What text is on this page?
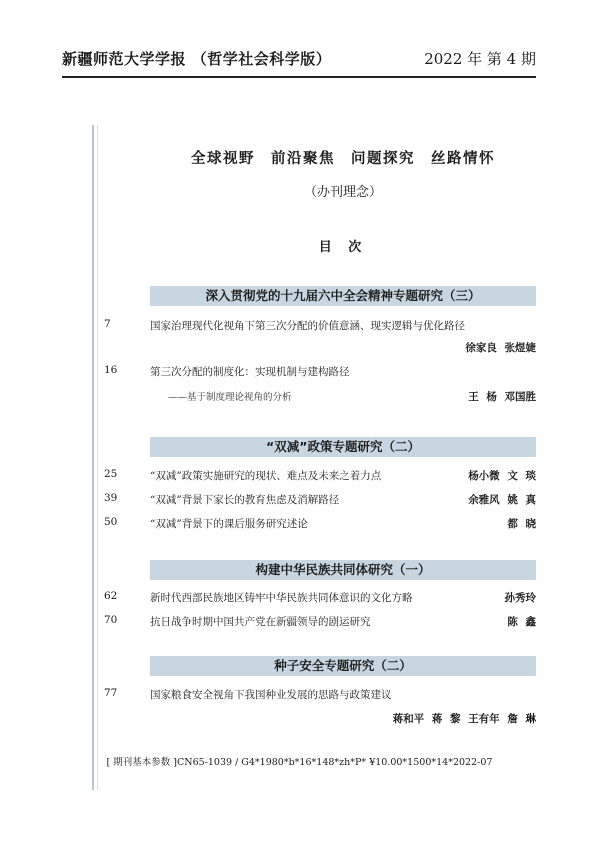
新疆师范大学学报 （哲学社会科学版）	2022 年 第 4 期
全球视野　前沿聚焦　问题探究　丝路情怀
（办刊理念）
目 次
深入贯彻党的十九届六中全会精神专题研究（三）
7	国家治理现代化视角下第三次分配的价值意涵、现实逻辑与优化路径
徐家良 张煜婕
16	第三次分配的制度化：实现机制与建构路径
——基于制度理论视角的分析	王 杨 邓国胜
“双减”政策专题研究（二）
25	“双减”政策实施研究的现状、难点及未来之着力点	杨小微 文 琰
39	“双减”背景下家长的教育焦虑及消解路径	余雅风 姚 真
50	“双减”背景下的课后服务研究述论	都 晓
构建中华民族共同体研究（一）
62	新时代西部民族地区铸牢中华民族共同体意识的文化方略	孙秀玲
70	抗日战争时期中国共产党在新疆领导的剧运研究	陈 鑫
种子安全专题研究（二）
77	国家粮食安全视角下我国种业发展的思路与政策建议
蒋和平 蒋 黎 王有年 詹 琳
[ 期刊基本参数 ]CN65-1039 / G4*1980*b*16*148*zh*P* ¥10.00*1500*14*2022-07
